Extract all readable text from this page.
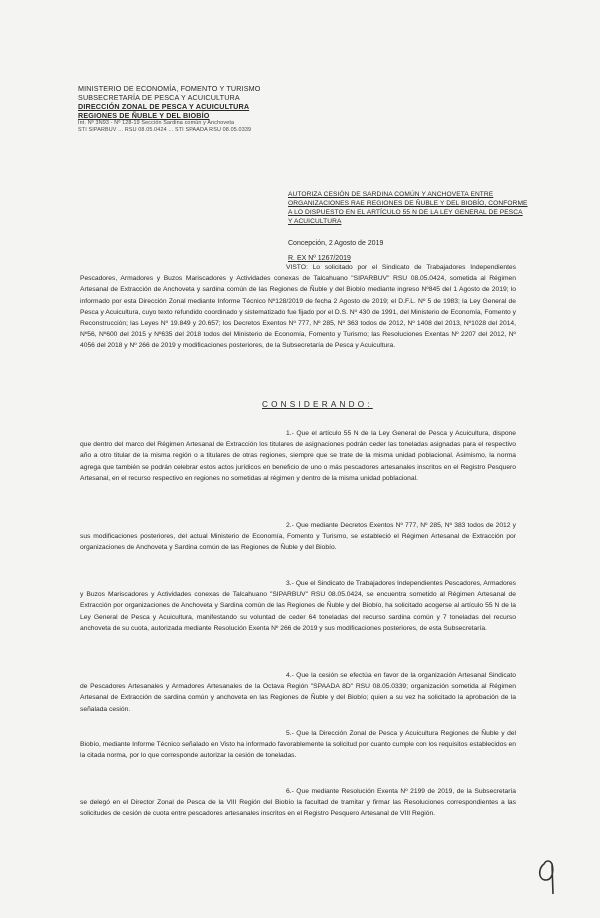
MINISTERIO DE ECONOMÍA, FOMENTO Y TURISMO
SUBSECRETARÍA DE PESCA Y ACUICULTURA
DIRECCIÓN ZONAL DE PESCA Y ACUICULTURA
REGIONES DE ÑUBLE Y DEL BIOBÍO
Int. Nº 3N93 - Nº 128-19 Sección Sardina común y Anchoveta
STI SIPARBUV ... RSU 08.05.0424 ... STI SPAADA RSU 08.05.0339
AUTORIZA CESIÓN DE SARDINA COMÚN Y ANCHOVETA ENTRE ORGANIZACIONES RAE REGIONES DE ÑUBLE Y DEL BIOBÍO, CONFORME A LO DISPUESTO EN EL ARTÍCULO 55 N DE LA LEY GENERAL DE PESCA Y ACUICULTURA
Concepción, 2 Agosto de 2019
R. EX Nº 1267/2019
VISTO: Lo solicitado por el Sindicato de Trabajadores Independientes Pescadores, Armadores y Buzos Mariscadores y Actividades conexas de Talcahuano "SIPARBUV" RSU 08.05.0424, sometida al Régimen Artesanal de Extracción de Anchoveta y sardina común de las Regiones de Ñuble y del Biobío mediante ingreso Nº845 del 1 Agosto de 2019; lo informado por esta Dirección Zonal mediante Informe Técnico Nº128/2019 de fecha 2 Agosto de 2019; el D.F.L. Nº 5 de 1983; la Ley General de Pesca y Acuicultura, cuyo texto refundido coordinado y sistematizado fue fijado por el D.S. Nº 430 de 1991, del Ministerio de Economía, Fomento y Reconstrucción; las Leyes Nº 19.849 y 20.657; los Decretos Exentos Nº 777, Nº 285, Nº 363 todos de 2012, Nº 1408 del 2013, Nº1028 del 2014, Nº56, Nº600 del 2015 y Nº635 del 2018 todos del Ministerio de Economía, Fomento y Turismo; las Resoluciones Exentas Nº 2207 del 2012, Nº 4056 del 2018 y Nº 266 de 2019 y modificaciones posteriores, de la Subsecretaría de Pesca y Acuicultura.
CONSIDERANDO:
1.- Que el artículo 55 N de la Ley General de Pesca y Acuicultura, dispone que dentro del marco del Régimen Artesanal de Extracción los titulares de asignaciones podrán ceder las toneladas asignadas para el respectivo año a otro titular de la misma región o a titulares de otras regiones, siempre que se trate de la misma unidad poblacional. Asimismo, la norma agrega que también se podrán celebrar estos actos jurídicos en beneficio de uno o más pescadores artesanales inscritos en el Registro Pesquero Artesanal, en el recurso respectivo en regiones no sometidas al régimen y dentro de la misma unidad poblacional.
2.- Que mediante Decretos Exentos Nº 777, Nº 285, Nº 383 todos de 2012 y sus modificaciones posteriores, del actual Ministerio de Economía, Fomento y Turismo, se estableció el Régimen Artesanal de Extracción por organizaciones de Anchoveta y Sardina común de las Regiones de Ñuble y del Biobío.
3.- Que el Sindicato de Trabajadores Independientes Pescadores, Armadores y Buzos Mariscadores y Actividades conexas de Talcahuano "SIPARBUV" RSU 08.05.0424, se encuentra sometido al Régimen Artesanal de Extracción por organizaciones de Anchoveta y Sardina común de las Regiones de Ñuble y del Biobío, ha solicitado acogerse al artículo 55 N de la Ley General de Pesca y Acuicultura, manifestando su voluntad de ceder 64 toneladas del recurso sardina común y 7 toneladas del recurso anchoveta de su cuota, autorizada mediante Resolución Exenta Nº 266 de 2019 y sus modificaciones posteriores, de esta Subsecretaría.
4.- Que la cesión se efectúa en favor de la organización Artesanal Sindicato de Pescadores Artesanales y Armadores Artesanales de la Octava Región "SPAADA 8D" RSU 08.05.0339; organización sometida al Régimen Artesanal de Extracción de sardina común y anchoveta en las Regiones de Ñuble y del Biobío; quien a su vez ha solicitado la aprobación de la señalada cesión.
5.- Que la Dirección Zonal de Pesca y Acuicultura Regiones de Ñuble y del Biobío, mediante Informe Técnico señalado en Visto ha informado favorablemente la solicitud por cuanto cumple con los requisitos establecidos en la citada norma, por lo que corresponde autorizar la cesión de toneladas.
6.- Que mediante Resolución Exenta Nº 2199 de 2019, de la Subsecretaría se delegó en el Director Zonal de Pesca de la VIII Región del Biobío la facultad de tramitar y firmar las Resoluciones correspondientes a las solicitudes de cesión de cuota entre pescadores artesanales inscritos en el Registro Pesquero Artesanal de VIII Región.
